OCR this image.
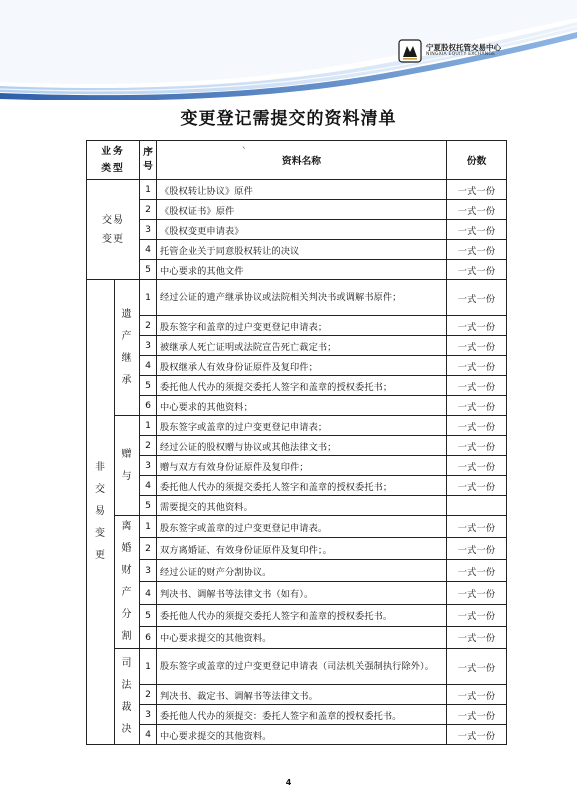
宁夏股权托管交易中心
NINGXIA EQUITY EXCHANGE
变更登记需提交的资料清单
、
业务类型		序号	资料名称	份数
交易变更		1	《股权转让协议》原件	一式一份
		2	《股权证书》原件	一式一份
		3	《股权变更申请表》	一式一份
		4	托管企业关于同意股权转让的决议	一式一份
		5	中心要求的其他文件	一式一份
非交易变更	遗产继承	1	经过公证的遗产继承协议或法院相关判决书或调解书原件；	一式一份
		2	股东签字和盖章的过户变更登记申请表；	一式一份
		3	被继承人死亡证明或法院宣告死亡裁定书；	一式一份
		4	股权继承人有效身份证原件及复印件；	一式一份
		5	委托他人代办的须提交委托人签字和盖章的授权委托书；	一式一份
		6	中心要求的其他资料；	一式一份
	赠与	1	股东签字或盖章的过户变更登记申请表；	一式一份
		2	经过公证的股权赠与协议或其他法律文书；	一式一份
		3	赠与双方有效身份证原件及复印件；	一式一份
		4	委托他人代办的须提交委托人签字和盖章的授权委托书；	一式一份
		5	需要提交的其他资料。	
	离婚财产分割	1	股东签字或盖章的过户变更登记申请表。	一式一份
		2	双方离婚证、有效身份证原件及复印件；。	一式一份
		3	经过公证的财产分割协议。	一式一份
		4	判决书、调解书等法律文书（如有）。	一式一份
		5	委托他人代办的须提交委托人签字和盖章的授权委托书。	一式一份
		6	中心要求提交的其他资料。	一式一份
	司法裁决	1	股东签字或盖章的过户变更登记申请表（司法机关强制执行除外）。	一式一份
		2	判决书、裁定书、调解书等法律文书。	一式一份
		3	委托他人代办的须提交：委托人签字和盖章的授权委托书。	一式一份
		4	中心要求提交的其他资料。	一式一份
4
